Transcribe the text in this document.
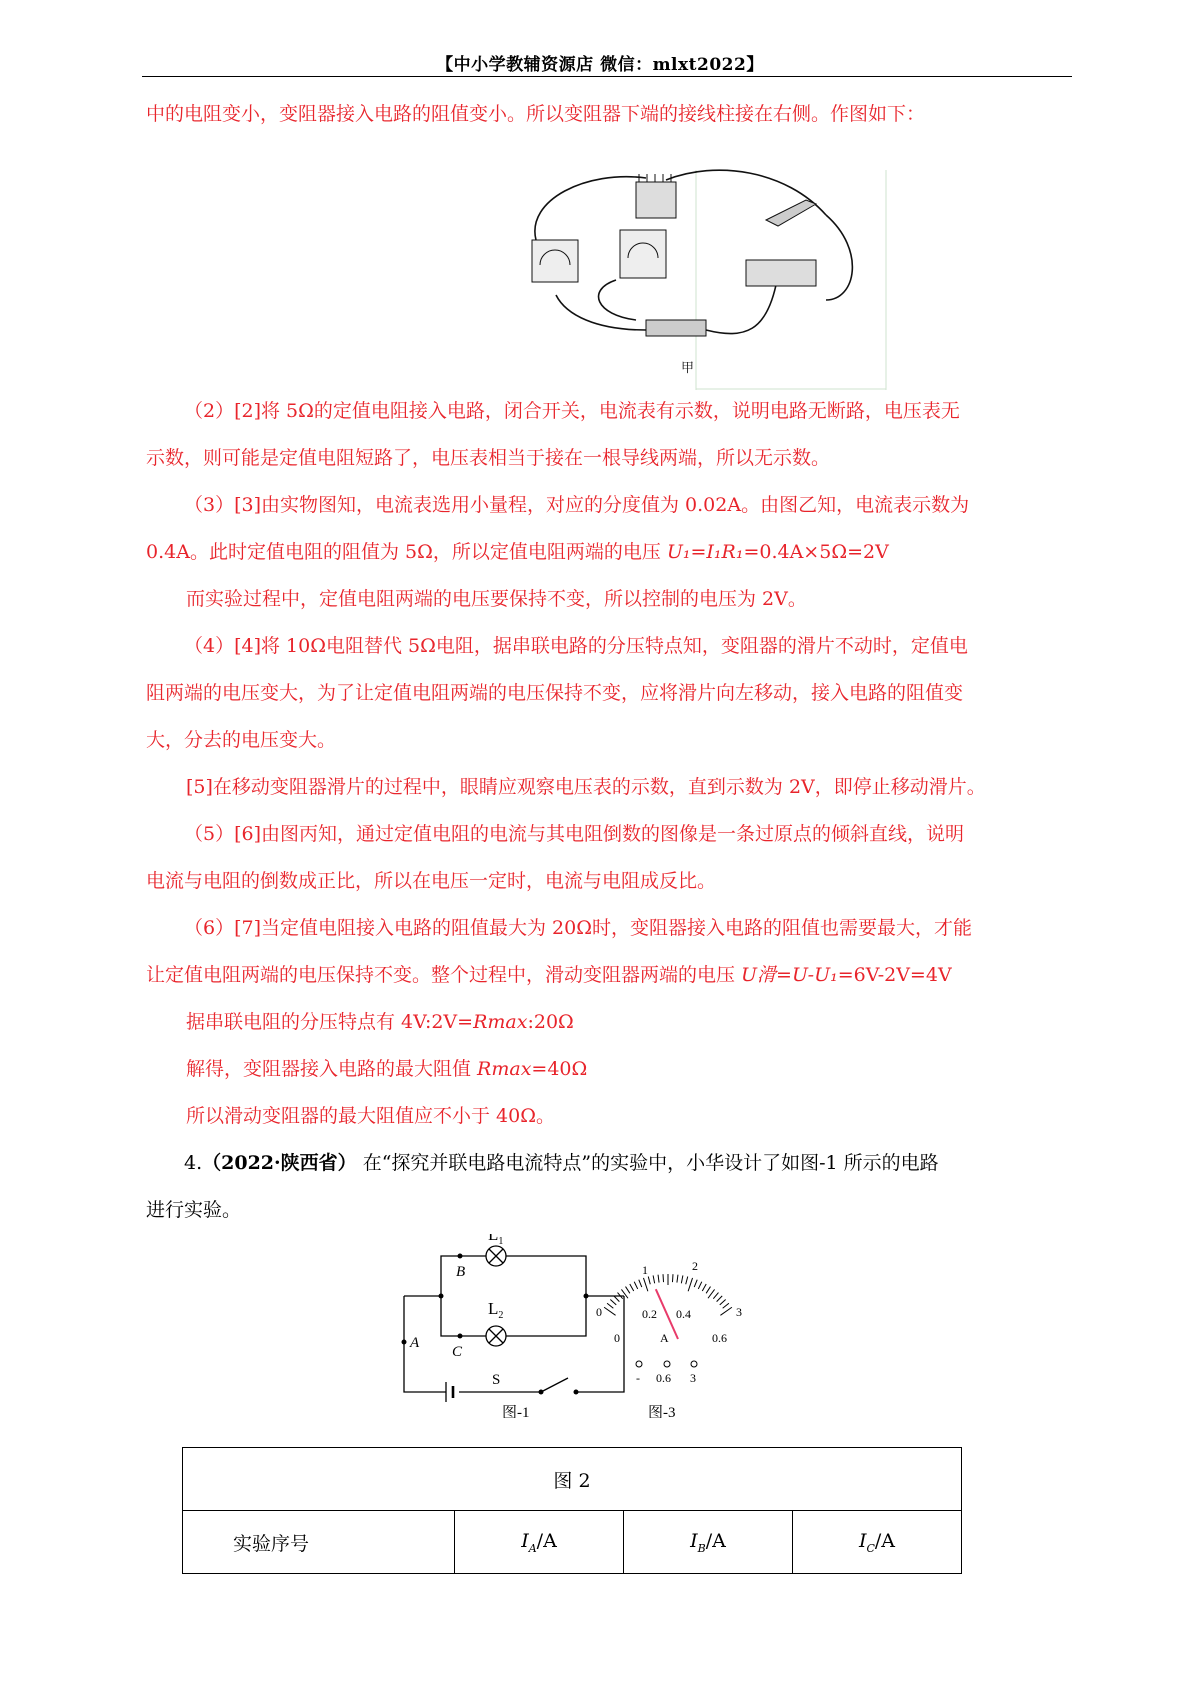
【中小学教辅资源店 微信：mlxt2022】

中的电阻变小，变阻器接入电路的阻值变小。所以变阻器下端的接线柱接在右侧。作图如下：

甲

（2）[2]将 5Ω的定值电阻接入电路，闭合开关，电流表有示数，说明电路无断路，电压表无

示数，则可能是定值电阻短路了，电压表相当于接在一根导线两端，所以无示数。

（3）[3]由实物图知，电流表选用小量程，对应的分度值为 0.02A。由图乙知，电流表示数为

0.4A。此时定值电阻的阻值为 5Ω，所以定值电阻两端的电压 U₁=I₁R₁=0.4A×5Ω=2V

而实验过程中，定值电阻两端的电压要保持不变，所以控制的电压为 2V。

（4）[4]将 10Ω电阻替代 5Ω电阻，据串联电路的分压特点知，变阻器的滑片不动时，定值电

阻两端的电压变大，为了让定值电阻两端的电压保持不变，应将滑片向左移动，接入电路的阻值变

大，分去的电压变大。

[5]在移动变阻器滑片的过程中，眼睛应观察电压表的示数，直到示数为 2V，即停止移动滑片。

（5）[6]由图丙知，通过定值电阻的电流与其电阻倒数的图像是一条过原点的倾斜直线，说明

电流与电阻的倒数成正比，所以在电压一定时，电流与电阻成反比。

（6）[7]当定值电阻接入电路的阻值最大为 20Ω时，变阻器接入电路的阻值也需要最大，才能

让定值电阻两端的电压保持不变。整个过程中，滑动变阻器两端的电压 U滑=U-U₁=6V-2V=4V

据串联电阻的分压特点有 4V:2V=Rmax:20Ω

解得，变阻器接入电路的最大阻值 Rmax=40Ω

所以滑动变阻器的最大阻值应不小于 40Ω。

4.（2022·陕西省） 在“探究并联电路电流特点”的实验中，小华设计了如图-1 所示的电路

进行实验。

$L_1$
$L_2$
B
C
A
S
图-1
0
1	2
3
0
0.2 0.4
0.6
A
- 0.6 3
图-3
图 2
实验序号	$I_A/A$	$I_B/A$	$I_C/A$
